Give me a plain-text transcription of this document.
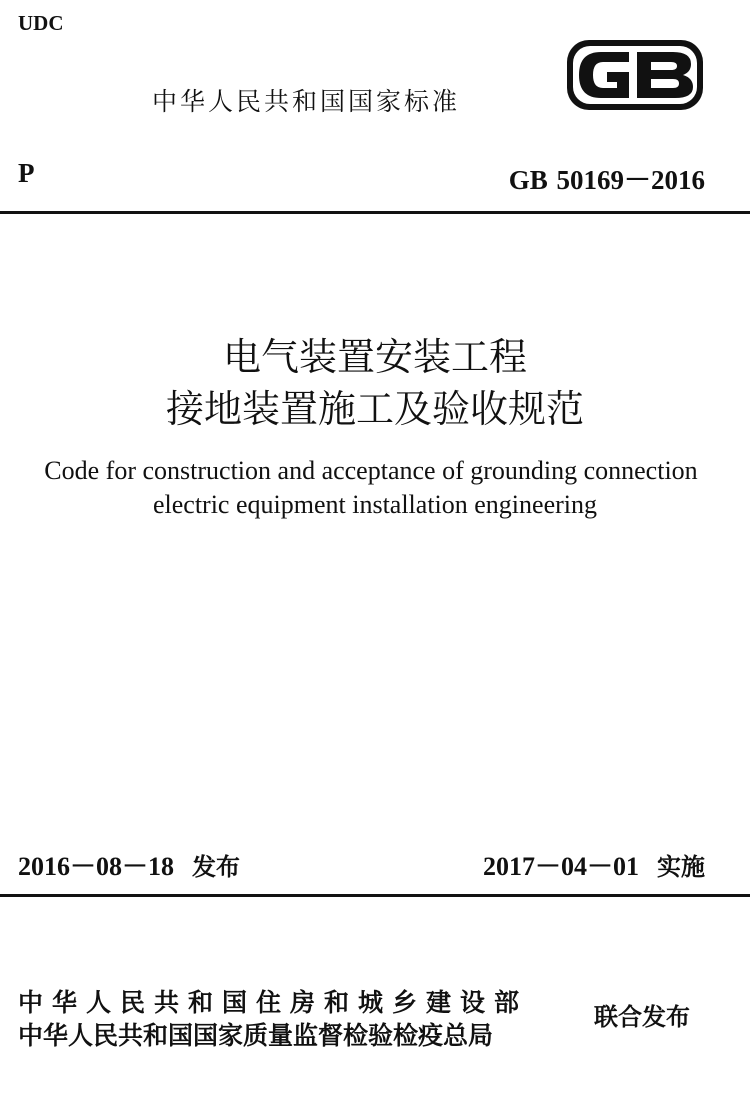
UDC
中华人民共和国国家标准	GB
P	GB 50169－2016
电气装置安装工程
接地装置施工及验收规范
Code for construction and acceptance of grounding connection
electric equipment installation engineering
2016－08－18 发布	2017－04－01 实施
中华人民共和国住房和城乡建设部
中华人民共和国国家质量监督检验检疫总局
联合发布
